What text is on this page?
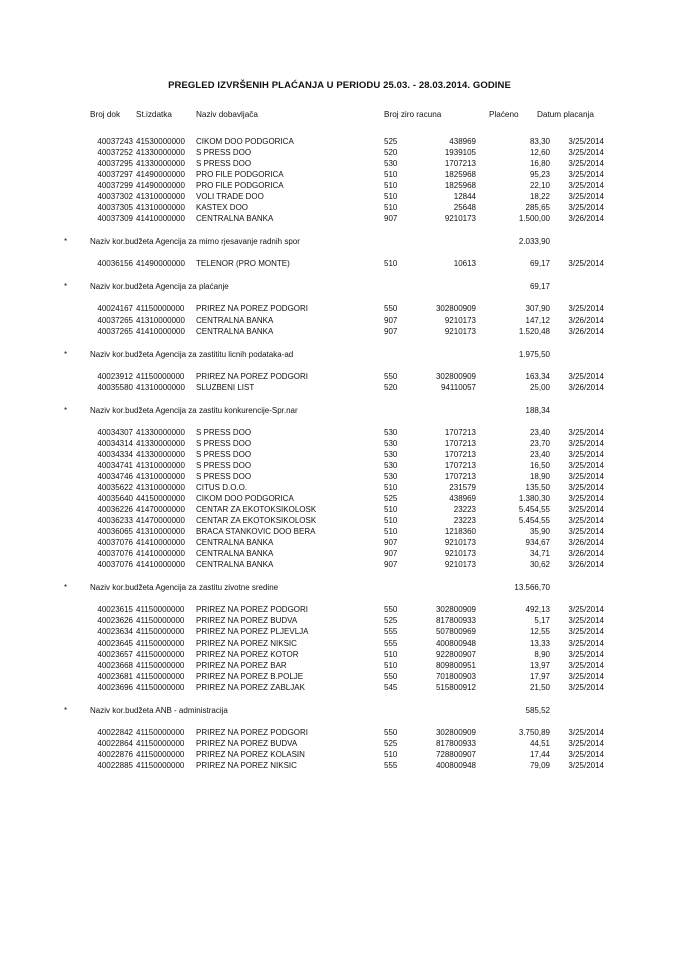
PREGLED IZVRŠENIH PLAĆANJA U PERIODU 25.03. - 28.03.2014. GODINE
Broj dok St.izdatka	Naziv dobavljača	Broj ziro racuna	Plaćeno Datum placanja
40037243 41530000000 CIKOM DOO PODGORICA	525	438969	83,30	3/25/2014
40037252 41330000000 S PRESS DOO	520	1939105	12,60	3/25/2014
40037295 41330000000 S PRESS DOO	530	1707213	16,80	3/25/2014
40037297 41490000000 PRO FILE PODGORICA	510	1825968	95,23	3/25/2014
40037299 41490000000 PRO FILE PODGORICA	510	1825968	22,10	3/25/2014
40037302 41310000000 VOLI TRADE DOO	510	12844	18,22	3/25/2014
40037305 41310000000 KASTEX DOO	510	25648	285,65	3/25/2014
40037309 41410000000 CENTRALNA BANKA	907	9210173	1.500,00	3/26/2014
*	Naziv kor.budžeta Agencija za mirno rjesavanje radnih spor	2.033,90
40036156 41490000000 TELENOR (PRO MONTE)	510	10613	69,17	3/25/2014
*	Naziv kor.budžeta Agencija za plaćanje	69,17
40024167 41150000000 PRIREZ NA POREZ PODGORI	550	302800909	307,90	3/25/2014
40037265 41310000000 CENTRALNA BANKA	907	9210173	147,12	3/26/2014
40037265 41410000000 CENTRALNA BANKA	907	9210173	1.520,48	3/26/2014
*	Naziv kor.budžeta Agencija za zastititu licnih podataka-ad	1.975,50
40023912 41150000000 PRIREZ NA POREZ PODGORI	550	302800909	163,34	3/25/2014
40035580 41310000000 SLUZBENI LIST	520	94110057	25,00	3/26/2014
*	Naziv kor.budžeta Agencija za zastitu konkurencije-Spr.nar	188,34
40034307 41330000000 S PRESS DOO	530	1707213	23,40	3/25/2014
40034314 41330000000 S PRESS DOO	530	1707213	23,70	3/25/2014
40034334 41330000000 S PRESS DOO	530	1707213	23,40	3/25/2014
40034741 41310000000 S PRESS DOO	530	1707213	16,50	3/25/2014
40034746 41310000000 S PRESS DOO	530	1707213	18,90	3/25/2014
40035622 41310000000 CITUS D.O.O.	510	231579	135,50	3/25/2014
40035640 44150000000 CIKOM DOO PODGORICA	525	438969	1.380,30	3/25/2014
40036226 41470000000 CENTAR ZA EKOTOKSIKOLOSK	510	23223	5.454,55	3/25/2014
40036233 41470000000 CENTAR ZA EKOTOKSIKOLOSK	510	23223	5.454,55	3/25/2014
40036065 41310000000 BRACA STANKOVIC DOO BERA	510	1218360	35,90	3/25/2014
40037076 41410000000 CENTRALNA BANKA	907	9210173	934,67	3/26/2014
40037076 41410000000 CENTRALNA BANKA	907	9210173	34,71	3/26/2014
40037076 41410000000 CENTRALNA BANKA	907	9210173	30,62	3/26/2014
*	Naziv kor.budžeta Agencija za zastitu zivotne sredine	13.566,70
40023615 41150000000 PRIREZ NA POREZ PODGORI	550	302800909	492,13	3/25/2014
40023626 41150000000 PRIREZ NA POREZ BUDVA	525	817800933	5,17	3/25/2014
40023634 41150000000 PRIREZ NA POREZ PLJEVLJA	555	507800969	12,55	3/25/2014
40023645 41150000000 PRIREZ NA POREZ NIKSIC	555	400800948	13,33	3/25/2014
40023657 41150000000 PRIREZ NA POREZ KOTOR	510	922800907	8,90	3/25/2014
40023668 41150000000 PRIREZ NA POREZ BAR	510	809800951	13,97	3/25/2014
40023681 41150000000 PRIREZ NA POREZ B.POLJE	550	701800903	17,97	3/25/2014
40023696 41150000000 PRIREZ NA POREZ ZABLJAK	545	515800912	21,50	3/25/2014
*	Naziv kor.budžeta ANB - administracija	585,52
40022842 41150000000 PRIREZ NA POREZ PODGORI	550	302800909	3.750,89	3/25/2014
40022864 41150000000 PRIREZ NA POREZ BUDVA	525	817800933	44,51	3/25/2014
40022876 41150000000 PRIREZ NA POREZ KOLASIN	510	728800907	17,44	3/25/2014
40022885 41150000000 PRIREZ NA POREZ NIKSIC	555	400800948	79,09	3/25/2014
